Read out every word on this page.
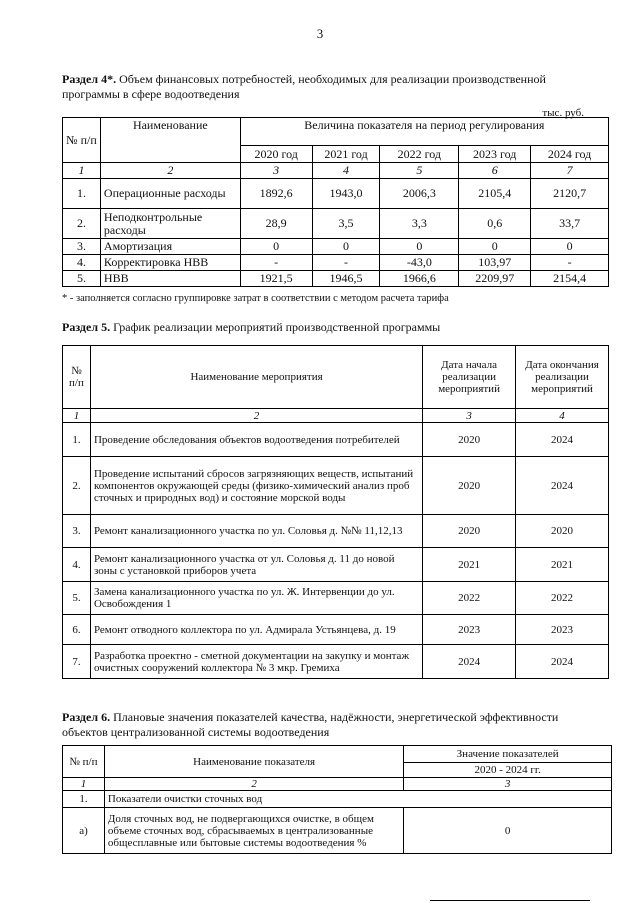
3
Раздел 4*. Объем финансовых потребностей, необходимых для реализации производственной программы в сфере водоотведения
тыс. руб.
№ п/п	Наименование	Величина показателя на период регулирования				
		2020 год	2021 год	2022 год	2023 год	2024 год
1	2	3	4	5	6	7
1.	Операционные расходы	1892,6	1943,0	2006,3	2105,4	2120,7
2.	Неподконтрольные расходы	28,9	3,5	3,3	0,6	33,7
3.	Амортизация	0	0	0	0	0
4.	Корректировка НВВ	-	-	-43,0	103,97	-
5.	НВВ	1921,5	1946,5	1966,6	2209,97	2154,4
* - заполняется согласно группировке затрат в соответствии с методом расчета тарифа
Раздел 5. График реализации мероприятий производственной программы
№ п/п	Наименование мероприятия	Дата начала реализации мероприятий	Дата окончания реализации мероприятий
1	2	3	4
1.	Проведение обследования объектов водоотведения потребителей	2020	2024
2.	Проведение испытаний сбросов загрязняющих веществ, испытаний компонентов окружающей среды (физико-химический анализ проб сточных и природных вод) и состояние морской воды	2020	2024
3.	Ремонт канализационного участка по ул. Соловья д. №№ 11,12,13	2020	2020
4.	Ремонт канализационного участка от ул. Соловья д. 11 до новой зоны с установкой приборов учета	2021	2021
5.	Замена канализационного участка по ул. Ж. Интервенции до ул. Освобождения 1	2022	2022
6.	Ремонт отводного коллектора по ул. Адмирала Устьянцева, д. 19	2023	2023
7.	Разработка проектно - сметной документации на закупку и монтаж очистных сооружений коллектора № 3 мкр. Гремиха	2024	2024
Раздел 6. Плановые значения показателей качества, надёжности, энергетической эффективности объектов централизованной системы водоотведения
№ п/п	Наименование показателя	Значение показателей
		2020 - 2024 гг.
1	2	3
1.	Показатели очистки сточных вод	
а)	Доля сточных вод, не подвергающихся очистке, в общем объеме сточных вод, сбрасываемых в централизованные общесплавные или бытовые системы водоотведения %	0
